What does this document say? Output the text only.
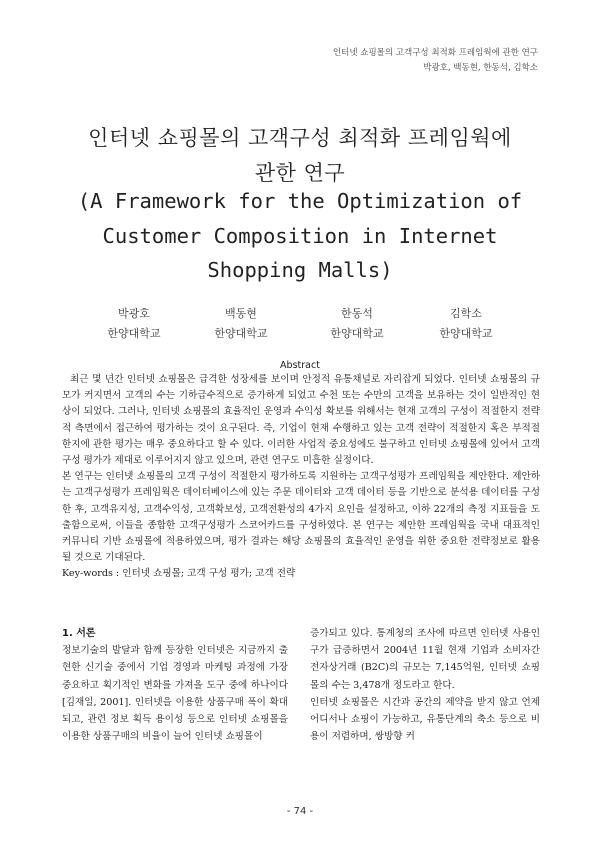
인터넷 쇼핑몰의 고객구성 최적화 프레임웍에 관한 연구
박광호, 백동현, 한동석, 김학소
인터넷 쇼핑몰의 고객구성 최적화 프레임웍에
관한 연구
(A Framework for the Optimization of
Customer Composition in Internet
Shopping Malls)
박광호
한양대학교
백동현
한양대학교
한동석
한양대학교
김학소
한양대학교
Abstract

최근 몇 년간 인터넷 쇼핑몰은 급격한 성장세를 보이며 안정적 유통채널로 자리잡게 되었다. 인터넷 쇼핑몰의 규모가 커지면서 고객의 수는 기하급수적으로 증가하게 되었고 수천 또는 수만의 고객을 보유하는 것이 일반적인 현상이 되었다. 그러나, 인터넷 쇼핑몰의 효율적인 운영과 수익성 확보를 위해서는 현재 고객의 구성이 적절한지 전략적 측면에서 접근하여 평가하는 것이 요구된다. 즉, 기업이 현재 수행하고 있는 고객 전략이 적절한지 혹은 부적절한지에 관한 평가는 매우 중요하다고 할 수 있다. 이러한 사업적 중요성에도 불구하고 인터넷 쇼핑몰에 있어서 고객 구성 평가가 제대로 이루어지지 않고 있으며, 관련 연구도 미흡한 실정이다.

본 연구는 인터넷 쇼핑몰의 고객 구성이 적절한지 평가하도록 지원하는 고객구성평가 프레임웍을 제안한다. 제안하는 고객구성평가 프레임웍은 데이터베이스에 있는 주문 데이터와 고객 데이터 등을 기반으로 분석용 데이터를 구성한 후, 고객유지성, 고객수익성, 고객확보성, 고객전환성의 4가지 요인을 설정하고, 이하 22개의 측정 지표들을 도출함으로써, 이들을 종합한 고객구성평가 스코어카드를 구성하였다. 본 연구는 제안한 프레임웍을 국내 대표적인 커뮤니티 기반 쇼핑몰에 적용하였으며, 평가 결과는 해당 쇼핑몰의 효율적인 운영을 위한 중요한 전략정보로 활용될 것으로 기대된다.

Key-words : 인터넷 쇼핑몰; 고객 구성 평가; 고객 전략

1. 서론

정보기술의 발달과 함께 등장한 인터넷은 지금까지 출현한 신기술 중에서 기업 경영과 마케팅 과정에 가장 중요하고 획기적인 변화를 가져올 도구 중에 하나이다[김재일, 2001]. 인터넷을 이용한 상품구매 폭이 확대되고, 관련 정보 획득 용이성 등으로 인터넷 쇼핑몰을 이용한 상품구매의 비율이 늘어 인터넷 쇼핑몰이

증가되고 있다. 통계청의 조사에 따르면 인터넷 사용인구가 급증하면서 2004년 11월 현재 기업과 소비자간 전자상거래 (B2C)의 규모는 7,145억원, 인터넷 쇼핑몰의 수는 3,478개 정도라고 한다.

인터넷 쇼핑몰은 시간과 공간의 제약을 받지 않고 언제 어디서나 쇼핑이 가능하고, 유통단계의 축소 등으로 비용이 저렴하며, 쌍방향 커

- 74 -
